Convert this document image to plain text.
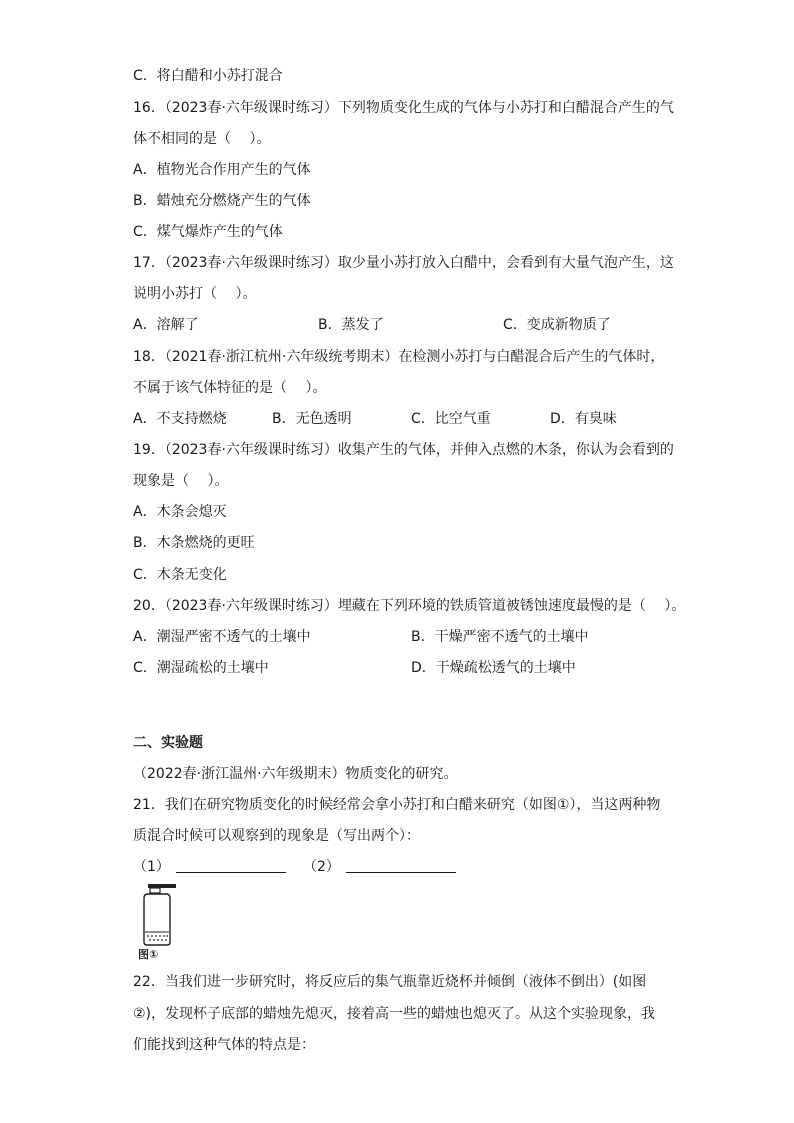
C．将白醋和小苏打混合
16．（2023春·六年级课时练习）下列物质变化生成的气体与小苏打和白醋混合产生的气
体不相同的是（　 ）。
A．植物光合作用产生的气体
B．蜡烛充分燃烧产生的气体
C．煤气爆炸产生的气体
17．（2023春·六年级课时练习）取少量小苏打放入白醋中，会看到有大量气泡产生，这
说明小苏打（　 ）。
A．溶解了	B．蒸发了	C．变成新物质了
18．（2021春·浙江杭州·六年级统考期末）在检测小苏打与白醋混合后产生的气体时，
不属于该气体特征的是（　 ）。
A．不支持燃烧	B．无色透明	C．比空气重	D．有臭味
19．（2023春·六年级课时练习）收集产生的气体，并伸入点燃的木条，你认为会看到的
现象是（　 ）。
A．木条会熄灭
B．木条燃烧的更旺
C．木条无变化
20．（2023春·六年级课时练习）埋藏在下列环境的铁质管道被锈蚀速度最慢的是（　 ）。
A．潮湿严密不透气的土壤中	B．干燥严密不透气的土壤中
C．潮湿疏松的土壤中	D．干燥疏松透气的土壤中
二、实验题
（2022春·浙江温州·六年级期末）物质变化的研究。
21．我们在研究物质变化的时候经常会拿小苏打和白醋来研究（如图①），当这两种物
质混合时候可以观察到的现象是（写出两个）：
（1）	（2）
图①
22．当我们进一步研究时，将反应后的集气瓶靠近烧杯并倾倒（液体不倒出）(如图
②)，发现杯子底部的蜡烛先熄灭，接着高一些的蜡烛也熄灭了。从这个实验现象，我
们能找到这种气体的特点是：
